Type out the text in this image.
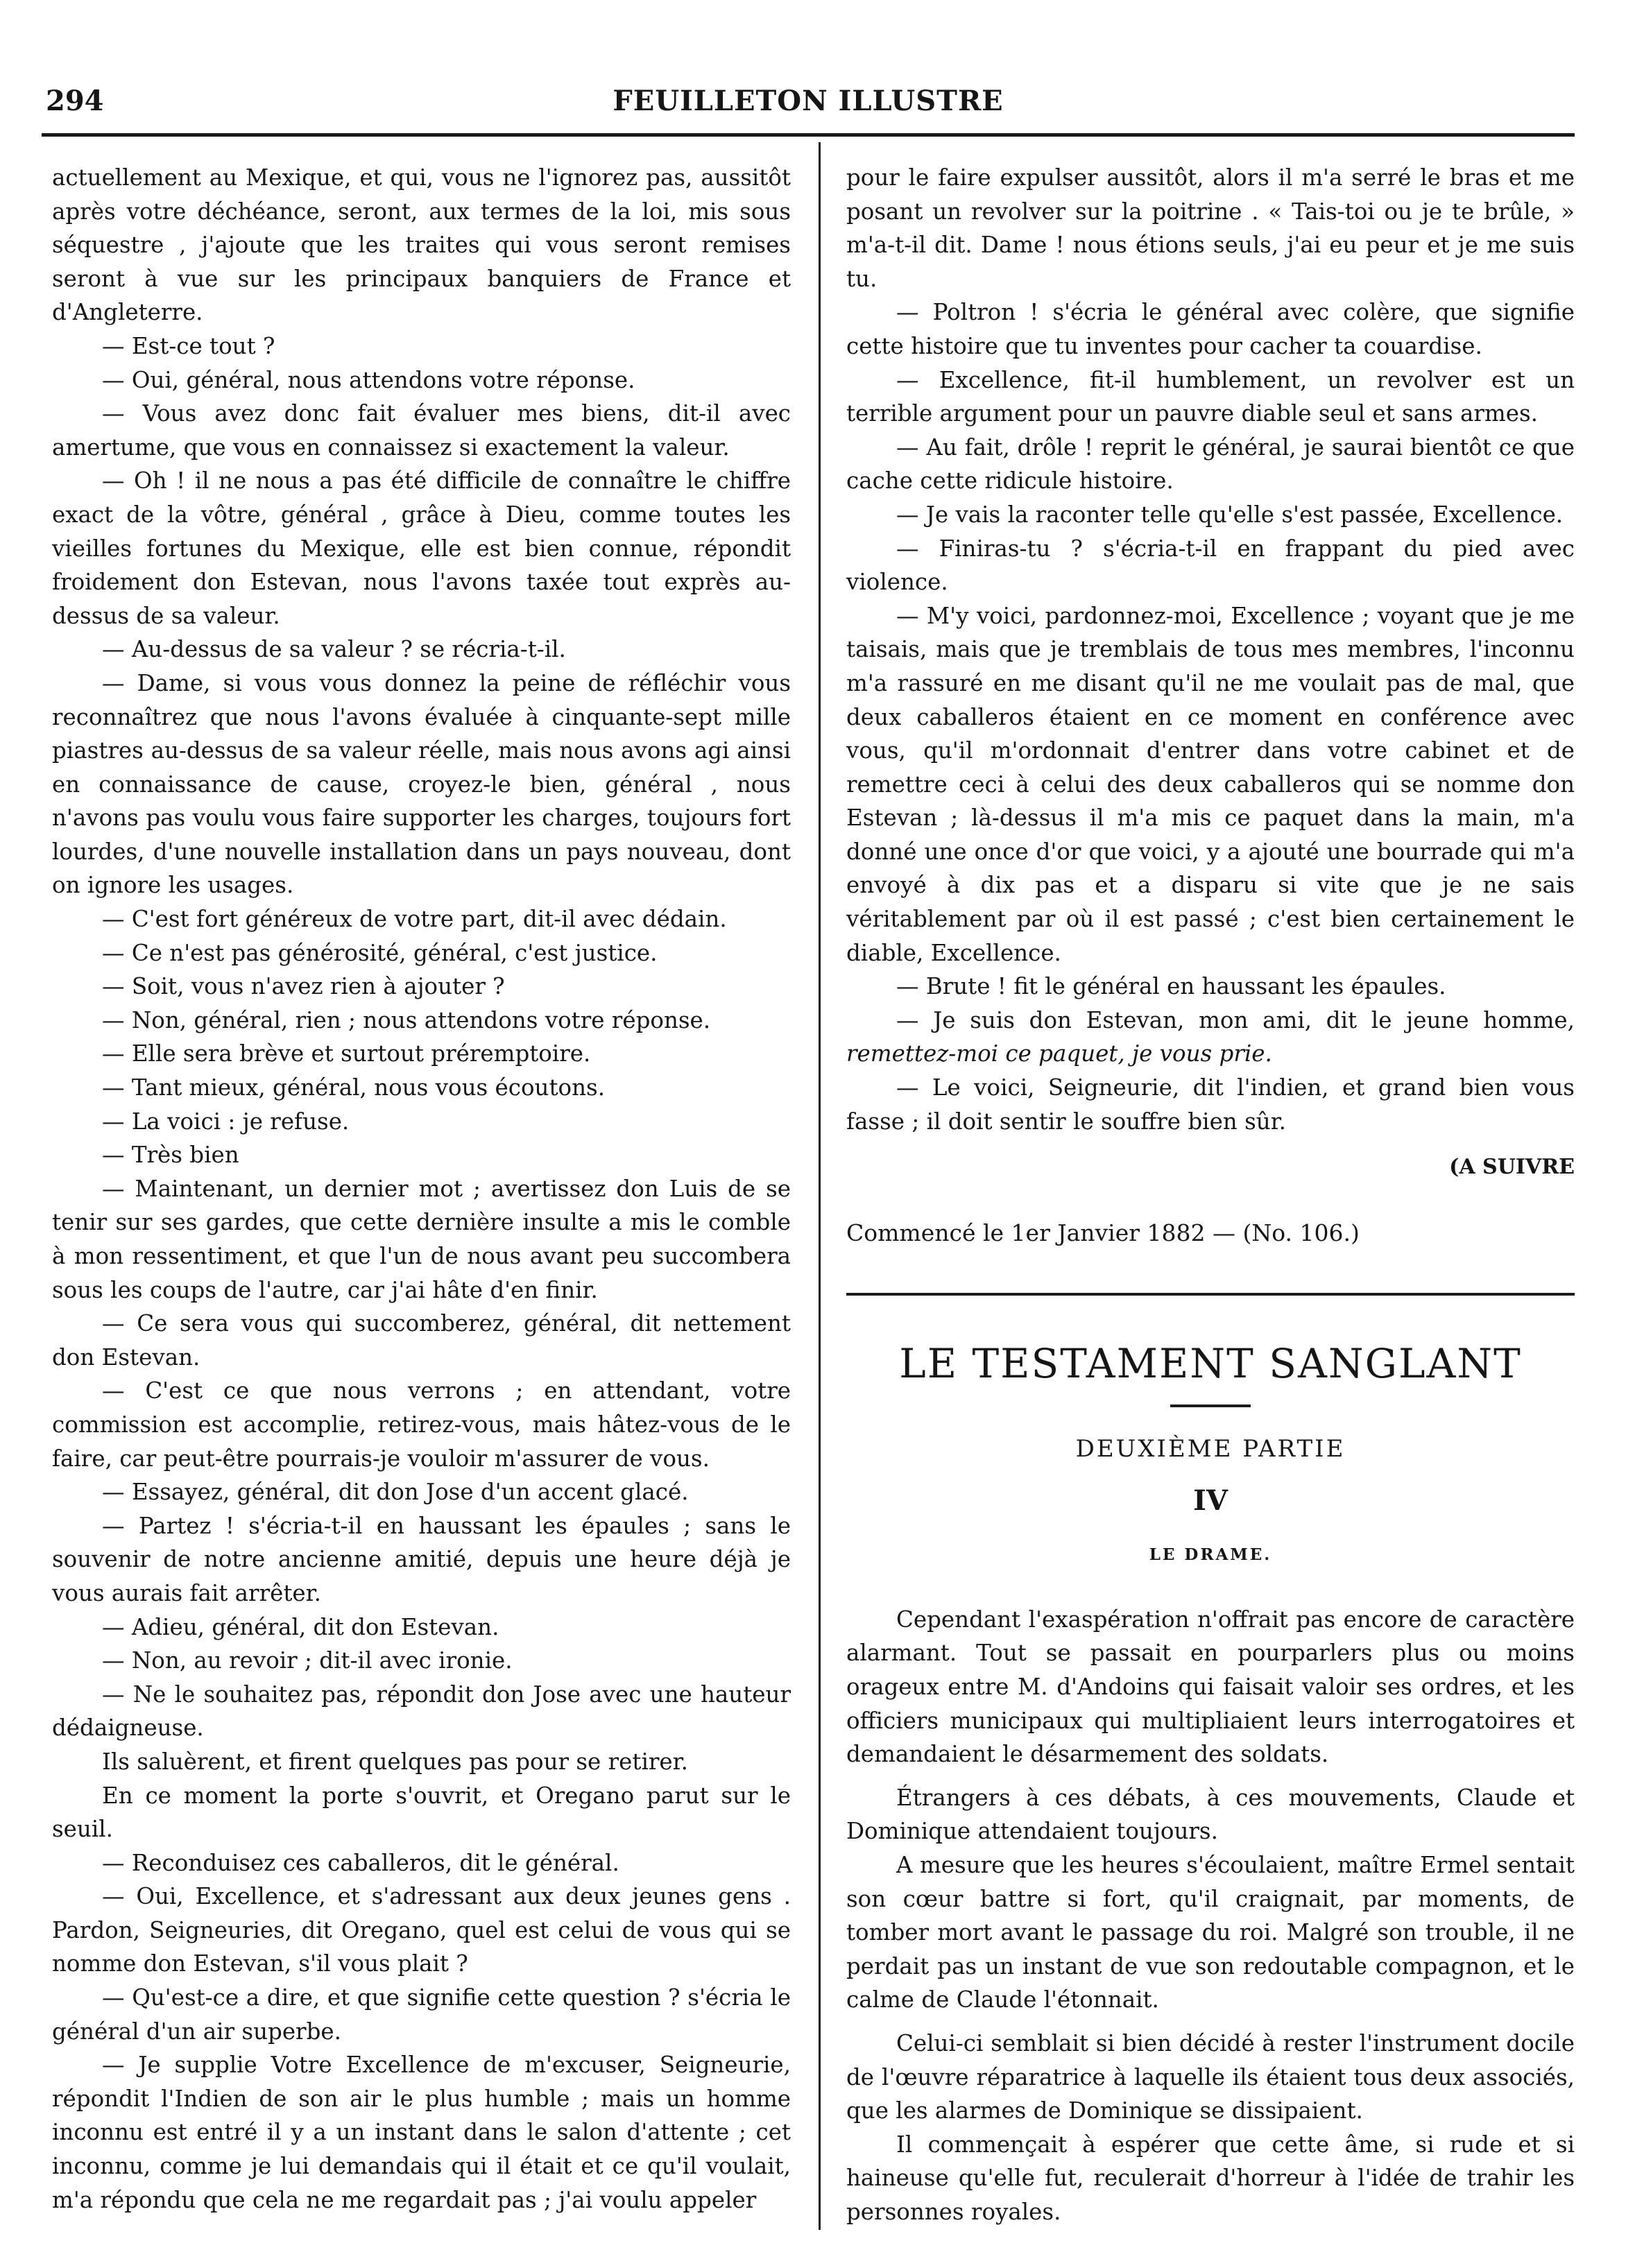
294	FEUILLETON ILLUSTRE

actuellement au Mexique, et qui, vous ne l'ignorez pas, aussitôt après votre déchéance, seront, aux termes de la loi, mis sous séquestre , j'ajoute que les traites qui vous seront remises seront à vue sur les principaux banquiers de France et d'Angleterre.

— Est-ce tout ?

— Oui, général, nous attendons votre réponse.

— Vous avez donc fait évaluer mes biens, dit-il avec amertume, que vous en connaissez si exactement la valeur.

— Oh ! il ne nous a pas été difficile de connaître le chiffre exact de la vôtre, général , grâce à Dieu, comme toutes les vieilles fortunes du Mexique, elle est bien connue, répondit froidement don Estevan, nous l'avons taxée tout exprès au-dessus de sa valeur.

— Au-dessus de sa valeur ? se récria-t-il.

— Dame, si vous vous donnez la peine de réfléchir vous reconnaîtrez que nous l'avons évaluée à cinquante-sept mille piastres au-dessus de sa valeur réelle, mais nous avons agi ainsi en connaissance de cause, croyez-le bien, général , nous n'avons pas voulu vous faire supporter les charges, toujours fort lourdes, d'une nouvelle installation dans un pays nouveau, dont on ignore les usages.

— C'est fort généreux de votre part, dit-il avec dédain.

— Ce n'est pas générosité, général, c'est justice.

— Soit, vous n'avez rien à ajouter ?

— Non, général, rien ; nous attendons votre réponse.

— Elle sera brève et surtout préremptoire.

— Tant mieux, général, nous vous écoutons.

— La voici : je refuse.

— Très bien

— Maintenant, un dernier mot ; avertissez don Luis de se tenir sur ses gardes, que cette dernière insulte a mis le comble à mon ressentiment, et que l'un de nous avant peu succombera sous les coups de l'autre, car j'ai hâte d'en finir.

— Ce sera vous qui succomberez, général, dit nettement don Estevan.

— C'est ce que nous verrons ; en attendant, votre commission est accomplie, retirez-vous, mais hâtez-vous de le faire, car peut-être pourrais-je vouloir m'assurer de vous.

— Essayez, général, dit don Jose d'un accent glacé.

— Partez ! s'écria-t-il en haussant les épaules ; sans le souvenir de notre ancienne amitié, depuis une heure déjà je vous aurais fait arrêter.

— Adieu, général, dit don Estevan.

— Non, au revoir ; dit-il avec ironie.

— Ne le souhaitez pas, répondit don Jose avec une hauteur dédaigneuse.

Ils saluèrent, et firent quelques pas pour se retirer.

En ce moment la porte s'ouvrit, et Oregano parut sur le seuil.

— Reconduisez ces caballeros, dit le général.

— Oui, Excellence, et s'adressant aux deux jeunes gens . Pardon, Seigneuries, dit Oregano, quel est celui de vous qui se nomme don Estevan, s'il vous plait ?

— Qu'est-ce a dire, et que signifie cette question ? s'écria le général d'un air superbe.

— Je supplie Votre Excellence de m'excuser, Seigneurie, répondit l'Indien de son air le plus humble ; mais un homme inconnu est entré il y a un instant dans le salon d'attente ; cet inconnu, comme je lui demandais qui il était et ce qu'il voulait, m'a répondu que cela ne me regardait pas ; j'ai voulu appeler

pour le faire expulser aussitôt, alors il m'a serré le bras et me posant un revolver sur la poitrine . « Tais-toi ou je te brûle, » m'a-t-il dit. Dame ! nous étions seuls, j'ai eu peur et je me suis tu.

— Poltron ! s'écria le général avec colère, que signifie cette histoire que tu inventes pour cacher ta couardise.

— Excellence, fit-il humblement, un revolver est un terrible argument pour un pauvre diable seul et sans armes.

— Au fait, drôle ! reprit le général, je saurai bientôt ce que cache cette ridicule histoire.

— Je vais la raconter telle qu'elle s'est passée, Excellence.

— Finiras-tu ? s'écria-t-il en frappant du pied avec violence.

— M'y voici, pardonnez-moi, Excellence ; voyant que je me taisais, mais que je tremblais de tous mes membres, l'inconnu m'a rassuré en me disant qu'il ne me voulait pas de mal, que deux caballeros étaient en ce moment en conférence avec vous, qu'il m'ordonnait d'entrer dans votre cabinet et de remettre ceci à celui des deux caballeros qui se nomme don Estevan ; là-dessus il m'a mis ce paquet dans la main, m'a donné une once d'or que voici, y a ajouté une bourrade qui m'a envoyé à dix pas et a disparu si vite que je ne sais véritablement par où il est passé ; c'est bien certainement le diable, Excellence.

— Brute ! fit le général en haussant les épaules.

— Je suis don Estevan, mon ami, dit le jeune homme, remettez-moi ce paquet, je vous prie.

— Le voici, Seigneurie, dit l'indien, et grand bien vous fasse ; il doit sentir le souffre bien sûr.

(A SUIVRE
Commencé le 1er Janvier 1882 — (No. 106.)
LE TESTAMENT SANGLANT
DEUXIÈME PARTIE
IV
LE DRAME.

Cependant l'exaspération n'offrait pas encore de caractère alarmant. Tout se passait en pourparlers plus ou moins orageux entre M. d'Andoins qui faisait valoir ses ordres, et les officiers municipaux qui multipliaient leurs interrogatoires et demandaient le désarmement des soldats.

Étrangers à ces débats, à ces mouvements, Claude et Dominique attendaient toujours.

A mesure que les heures s'écoulaient, maître Ermel sentait son cœur battre si fort, qu'il craignait, par moments, de tomber mort avant le passage du roi. Malgré son trouble, il ne perdait pas un instant de vue son redoutable compagnon, et le calme de Claude l'étonnait.

Celui-ci semblait si bien décidé à rester l'instrument docile de l'œuvre réparatrice à laquelle ils étaient tous deux associés, que les alarmes de Dominique se dissipaient.

Il commençait à espérer que cette âme, si rude et si haineuse qu'elle fut, reculerait d'horreur à l'idée de trahir les personnes royales.
